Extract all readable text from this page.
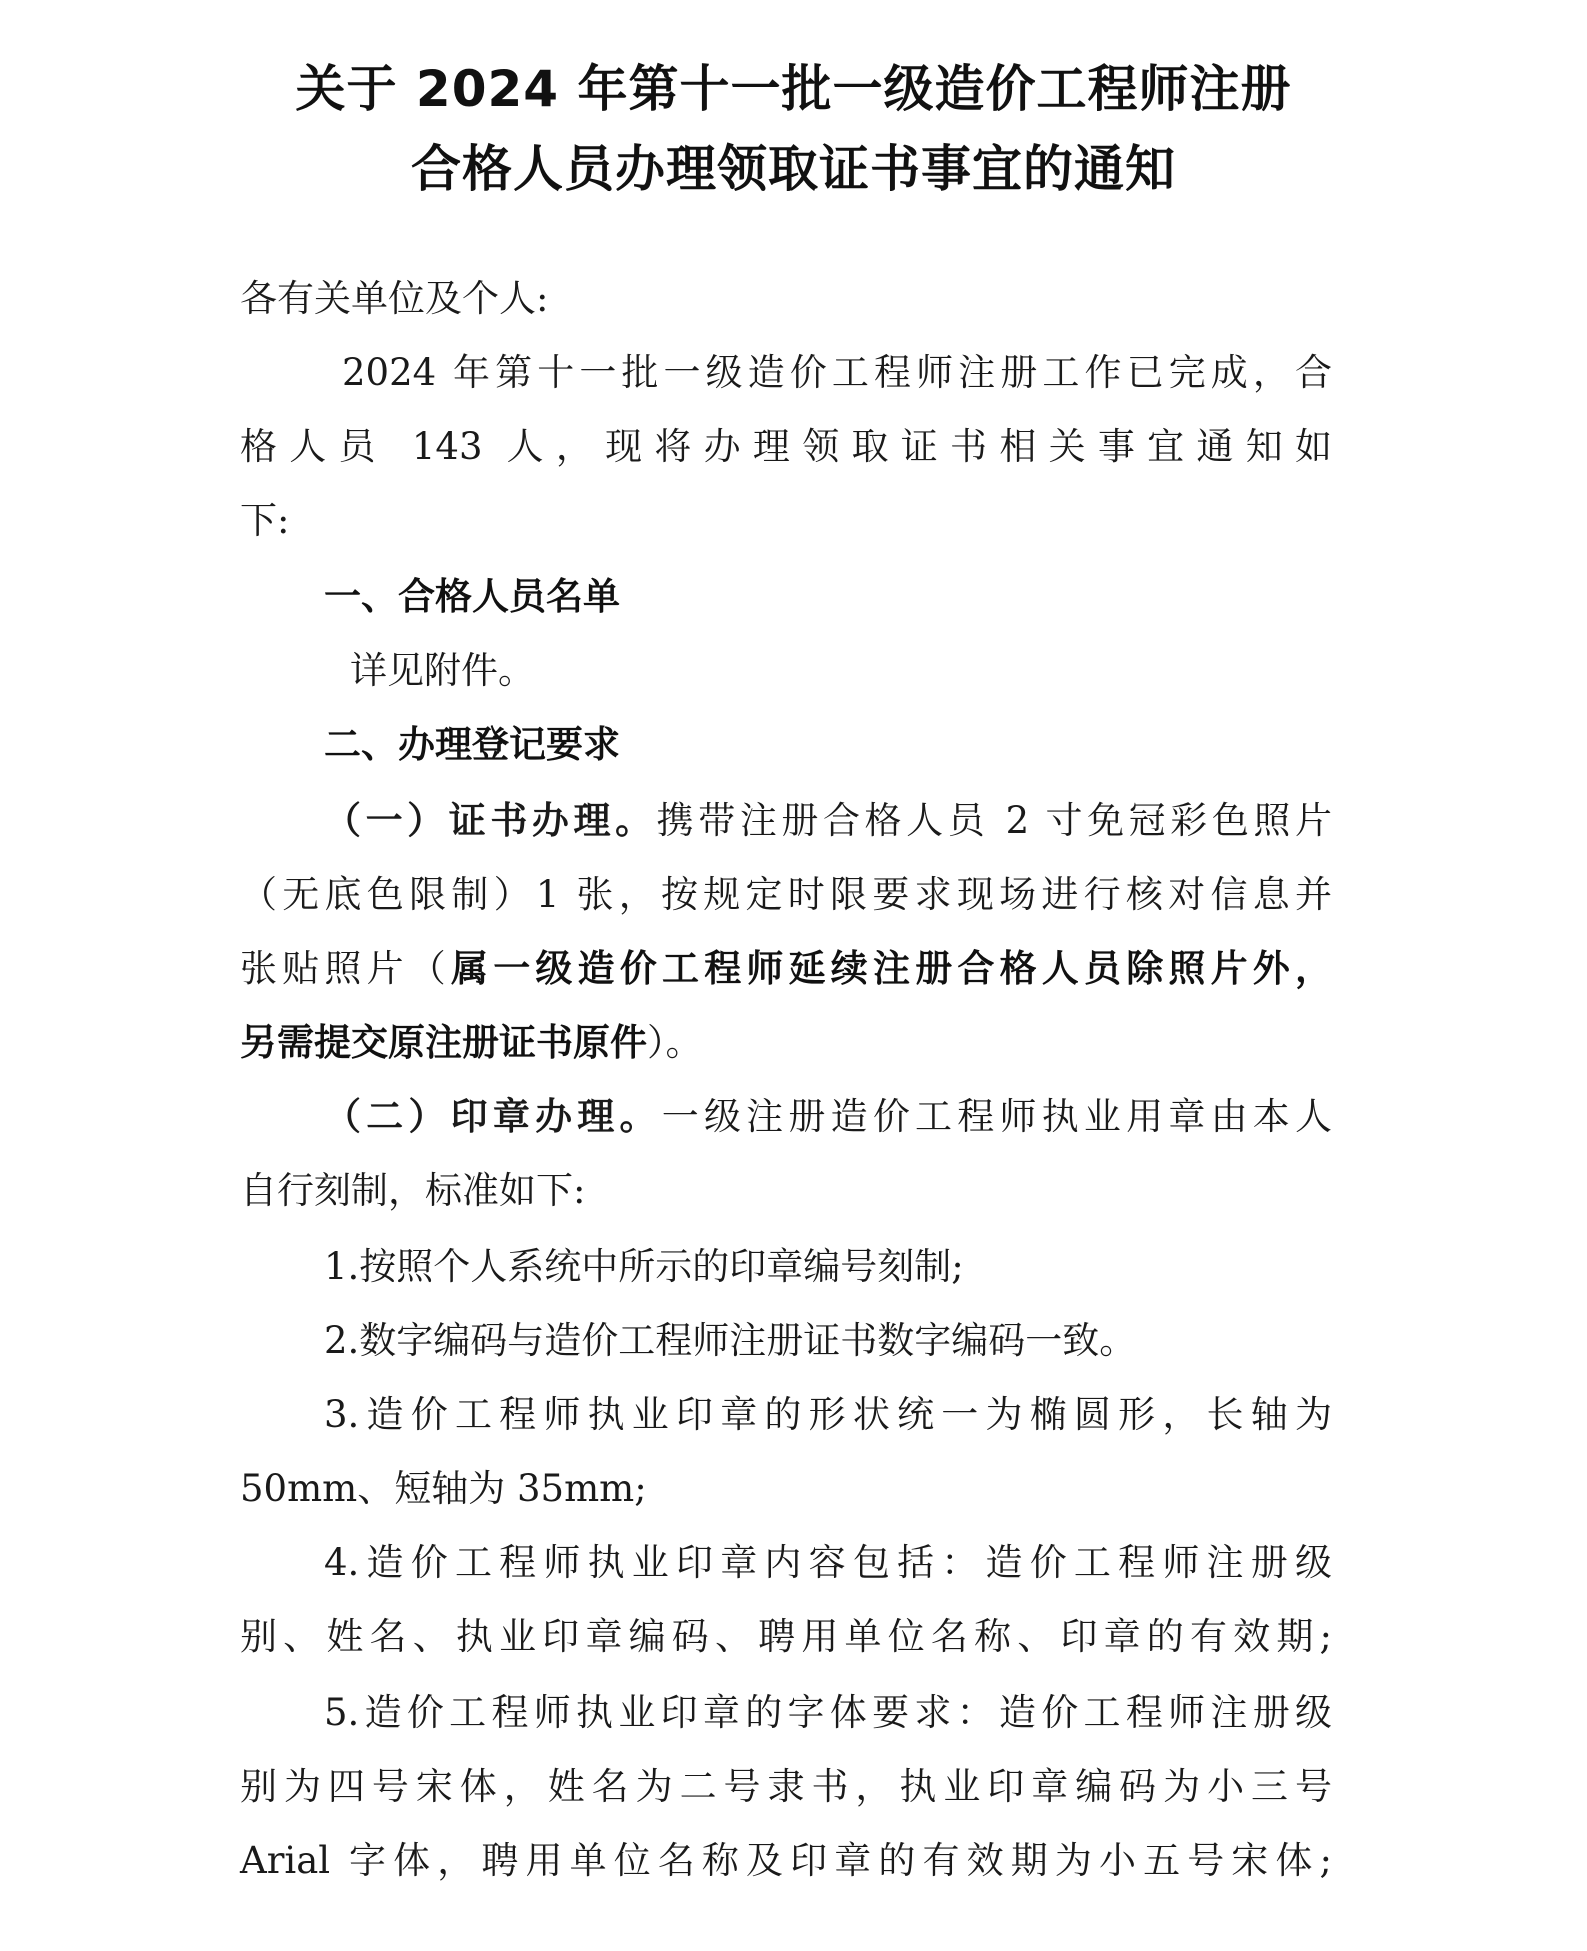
关于 2024 年第十一批一级造价工程师注册
合格人员办理领取证书事宜的通知
各有关单位及个人:
2024 年第十一批一级造价工程师注册工作已完成，合
格人员 143 人，现将办理领取证书相关事宜通知如
下:
一、合格人员名单
详见附件。
二、办理登记要求
（一）证书办理。携带注册合格人员 2 寸免冠彩色照片
（无底色限制）1 张，按规定时限要求现场进行核对信息并
张贴照片（属一级造价工程师延续注册合格人员除照片外，
另需提交原注册证书原件）。
（二）印章办理。一级注册造价工程师执业用章由本人
自行刻制，标准如下:
1.按照个人系统中所示的印章编号刻制;
2.数字编码与造价工程师注册证书数字编码一致。
3.造价工程师执业印章的形状统一为椭圆形，长轴为
50mm、短轴为 35mm;
4.造价工程师执业印章内容包括：造价工程师注册级
别、姓名、执业印章编码、聘用单位名称、印章的有效期;
5.造价工程师执业印章的字体要求：造价工程师注册级
别为四号宋体，姓名为二号隶书，执业印章编码为小三号
Arial 字体，聘用单位名称及印章的有效期为小五号宋体;
